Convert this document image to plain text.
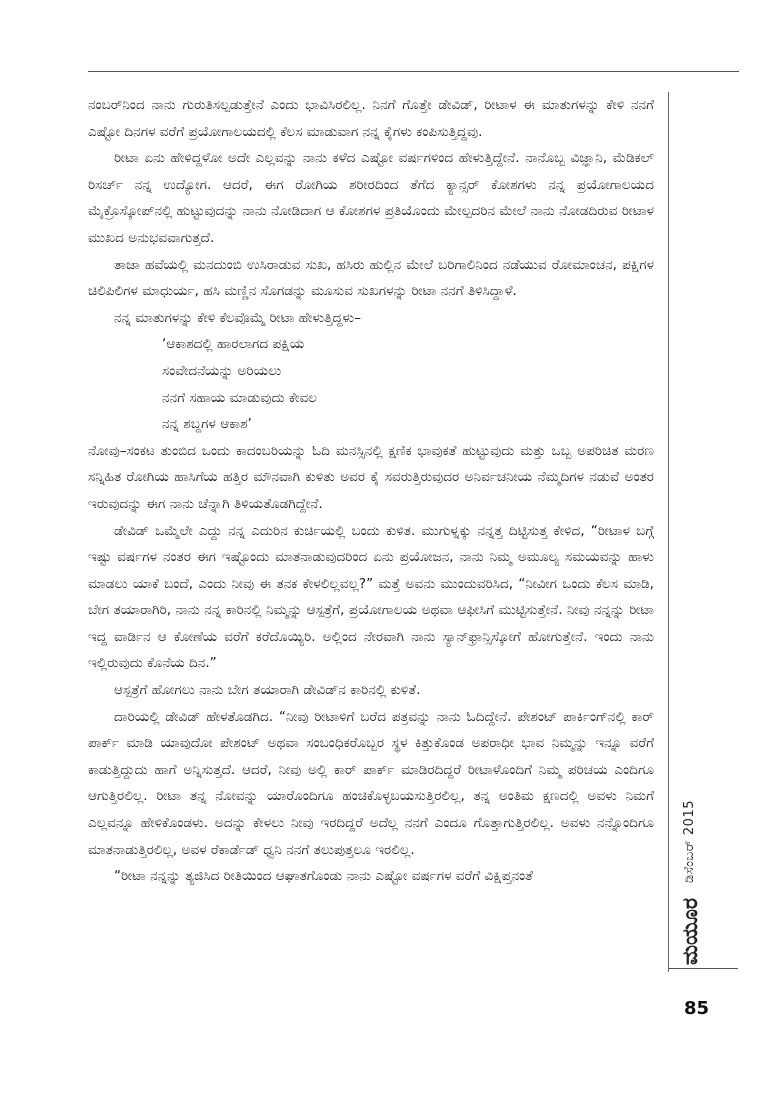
ನಂಬರ್‌ನಿಂದ ನಾನು ಗುರುತಿಸಲ್ಪಡುತ್ತೇನೆ ಎಂದು ಭಾವಿಸಿರಲಿಲ್ಲ. ನಿನಗೆ ಗೊತ್ತೇ ಡೇವಿಡ್, ರೀಟಾಳ ಈ ಮಾತುಗಳನ್ನು ಕೇಳಿ ನನಗೆ ಎಷ್ಟೋ ದಿನಗಳ ವರೆಗೆ ಪ್ರಯೋಗಾಲಯದಲ್ಲಿ ಕೆಲಸ ಮಾಡುವಾಗ ನನ್ನ ಕೈಗಳು ಕಂಪಿಸುತ್ತಿದ್ದವು.

ರೀಟಾ ಏನು ಹೇಳಿದ್ದಳೋ ಅದೇ ಎಲ್ಲವನ್ನು ನಾನು ಕಳೆದ ಎಷ್ಟೋ ವರ್ಷಗಳಿಂದ ಹೇಳುತ್ತಿದ್ದೇನೆ. ನಾನೊಬ್ಬ ವಿಜ್ಞಾನಿ, ಮೆಡಿಕಲ್ ರಿಸರ್ಚ್ ನನ್ನ ಉದ್ಯೋಗ. ಆದರೆ, ಈಗ ರೋಗಿಯ ಶರೀರದಿಂದ ತೆಗೆದ ಕ್ಯಾನ್ಸರ್ ಕೋಶಗಳು ನನ್ನ ಪ್ರಯೋಗಾಲಯದ ಮೈಕ್ರೊಸ್ಕೋಪ್‌ನಲ್ಲಿ ಹುಟ್ಟುವುದನ್ನು ನಾನು ನೋಡಿದಾಗ ಆ ಕೋಶಗಳ ಪ್ರತಿಯೊಂದು ಮೇಲ್ಪದರಿನ ಮೇಲೆ ನಾನು ನೋಡದಿರುವ ರೀಟಾಳ ಮುಖದ ಅನುಭವವಾಗುತ್ತದೆ.

ತಾಜಾ ಹವೆಯಲ್ಲಿ ಮನದುಂಬಿ ಉಸಿರಾಡುವ ಸುಖ, ಹಸಿರು ಹುಲ್ಲಿನ ಮೇಲೆ ಬರಿಗಾಲಿನಿಂದ ನಡೆಯುವ ರೋಮಾಂಚನ, ಪಕ್ಷಿಗಳ ಚಿಲಿಪಿಲಿಗಳ ಮಾಧುರ್ಯ, ಹಸಿ ಮಣ್ಣಿನ ಸೊಗಡನ್ನು ಮೂಸುವ ಸುಖಗಳನ್ನು ರೀಟಾ ನನಗೆ ತಿಳಿಸಿದ್ದಾಳೆ.

ನನ್ನ ಮಾತುಗಳನ್ನು ಕೇಳಿ ಕೆಲವೊಮ್ಮೆ ರೀಟಾ ಹೇಳುತ್ತಿದ್ದಳು–

‘ಆಕಾಶದಲ್ಲಿ ಹಾರಲಾಗದ ಪಕ್ಷಿಯ
ಸಂವೇದನೆಯನ್ನು ಅರಿಯಲು
ನನಗೆ ಸಹಾಯ ಮಾಡುವುದು ಕೇವಲ
ನನ್ನ ಶಬ್ದಗಳ ಆಕಾಶ’

ನೋವು–ಸಂಕಟ ತುಂಬಿದ ಒಂದು ಕಾದಂಬರಿಯನ್ನು ಓದಿ ಮನಸ್ಸಿನಲ್ಲಿ ಕ್ಷಣಿಕ ಭಾವುಕತೆ ಹುಟ್ಟುವುದು ಮತ್ತು ಒಬ್ಬ ಅಪರಿಚಿತ ಮರಣ ಸನ್ನಿಹಿತ ರೋಗಿಯ ಹಾಸಿಗೆಯ ಹತ್ತಿರ ಮೌನವಾಗಿ ಕುಳಿತು ಅವರ ಕೈ ಸವರುತ್ತಿರುವುದರ ಅನಿರ್ವಚನೀಯ ನೆಮ್ಮದಿಗಳ ನಡುವೆ ಅಂತರ ಇರುವುದನ್ನು ಈಗ ನಾನು ಚೆನ್ನಾಗಿ ತಿಳಿಯತೊಡಗಿದ್ದೇನೆ.

ಡೇವಿಡ್ ಒಮ್ಮೆಲೇ ಎದ್ದು ನನ್ನ ಎದುರಿನ ಕುರ್ಚಿಯಲ್ಲಿ ಬಂದು ಕುಳಿತ. ಮುಗುಳ್ನಕ್ಕು ನನ್ನತ್ತ ದಿಟ್ಟಿಸುತ್ತ ಕೇಳಿದ, “ರೀಟಾಳ ಬಗ್ಗೆ ಇಷ್ಟು ವರ್ಷಗಳ ನಂತರ ಈಗ ಇಷ್ಟೊಂದು ಮಾತನಾಡುವುದರಿಂದ ಏನು ಪ್ರಯೋಜನ, ನಾನು ನಿಮ್ಮ ಅಮೂಲ್ಯ ಸಮಯವನ್ನು ಹಾಳು ಮಾಡಲು ಯಾಕೆ ಬಂದೆ, ಎಂದು ನೀವು ಈ ತನಕ ಕೇಳಲಿಲ್ಲವಲ್ಲ?” ಮತ್ತೆ ಅವನು ಮುಂದುವರಿಸಿದ, “ನೀವೀಗ ಒಂದು ಕೆಲಸ ಮಾಡಿ, ಬೇಗ ತಯಾರಾಗಿರಿ, ನಾನು ನನ್ನ ಕಾರಿನಲ್ಲಿ ನಿಮ್ಮನ್ನು ಆಸ್ಪತ್ರೆಗೆ, ಪ್ರಯೋಗಾಲಯ ಅಥವಾ ಆಫೀಸಿಗೆ ಮುಟ್ಟಿಸುತ್ತೇನೆ. ನೀವು ನನ್ನನ್ನು ರೀಟಾ ಇದ್ದ ವಾರ್ಡಿನ ಆ ಕೋಣೆಯ ವರೆಗೆ ಕರೆದೊಯ್ಯಿರಿ. ಅಲ್ಲಿಂದ ನೇರವಾಗಿ ನಾನು ಸ್ಯಾನ್‌ಫ್ರಾನ್ಸಿಸ್ಕೋಗೆ ಹೋಗುತ್ತೇನೆ. ಇಂದು ನಾನು ಇಲ್ಲಿರುವುದು ಕೊನೆಯ ದಿನ.”

ಆಸ್ಪತ್ರೆಗೆ ಹೋಗಲು ನಾನು ಬೇಗ ತಯಾರಾಗಿ ಡೇವಿಡ್‌ನ ಕಾರಿನಲ್ಲಿ ಕುಳಿತೆ.

ದಾರಿಯಲ್ಲಿ ಡೇವಿಡ್ ಹೇಳತೊಡಗಿದ. “ನೀವು ರೀಟಾಳಿಗೆ ಬರೆದ ಪತ್ರವನ್ನು ನಾನು ಓದಿದ್ದೇನೆ. ಪೇಶಂಟ್ ಪಾರ್ಕಿಂಗ್‌ನಲ್ಲಿ ಕಾರ್ ಪಾರ್ಕ್ ಮಾಡಿ ಯಾವುದೋ ಪೇಶಂಟ್ ಅಥವಾ ಸಂಬಂಧಿಕರೊಬ್ಬರ ಸ್ಥಳ ಕಿತ್ತುಕೊಂಡ ಅಪರಾಧೀ ಭಾವ ನಿಮ್ಮನ್ನು ಇನ್ನೂ ವರೆಗೆ ಕಾಡುತ್ತಿದ್ದುದು ಹಾಗೆ ಅನ್ನಿಸುತ್ತದೆ. ಆದರೆ, ನೀವು ಅಲ್ಲಿ ಕಾರ್ ಪಾರ್ಕ್ ಮಾಡಿರದಿದ್ದರೆ ರೀಟಾಳೊಂದಿಗೆ ನಿಮ್ಮ ಪರಿಚಯ ಎಂದಿಗೂ ಆಗುತ್ತಿರಲಿಲ್ಲ. ರೀಟಾ ತನ್ನ ನೋವನ್ನು ಯಾರೊಂದಿಗೂ ಹಂಚಿಕೊಳ್ಳಬಯಸುತ್ತಿರಲಿಲ್ಲ, ತನ್ನ ಅಂತಿಮ ಕ್ಷಣದಲ್ಲಿ ಅವಳು ನಿಮಗೆ ಎಲ್ಲವನ್ನೂ ಹೇಳಿಕೊಂಡಳು. ಅದನ್ನು ಕೇಳಲು ನೀವು ಇರದಿದ್ದರೆ ಅದೆಲ್ಲ ನನಗೆ ಎಂದೂ ಗೊತ್ತಾಗುತ್ತಿರಲಿಲ್ಲ. ಅವಳು ನನ್ನೊಂದಿಗೂ ಮಾತನಾಡುತ್ತಿರಲಿಲ್ಲ, ಅವಳ ರೆಕಾರ್ಡೆಡ್ ಧ್ವನಿ ನನಗೆ ತಲುಪುತ್ತಲೂ ಇರಲಿಲ್ಲ.

“ರೀಟಾ ನನ್ನನ್ನು ತ್ಯಜಿಸಿದ ರೀತಿಯಿಂದ ಆಘಾತಗೊಂಡು ನಾನು ಎಷ್ಟೋ ವರ್ಷಗಳ ವರೆಗೆ ವಿಕ್ಷಿಪ್ತನಂತೆ	ಡಿಸೆಂಬರ್ 2015
ಮಯೂರ
85
